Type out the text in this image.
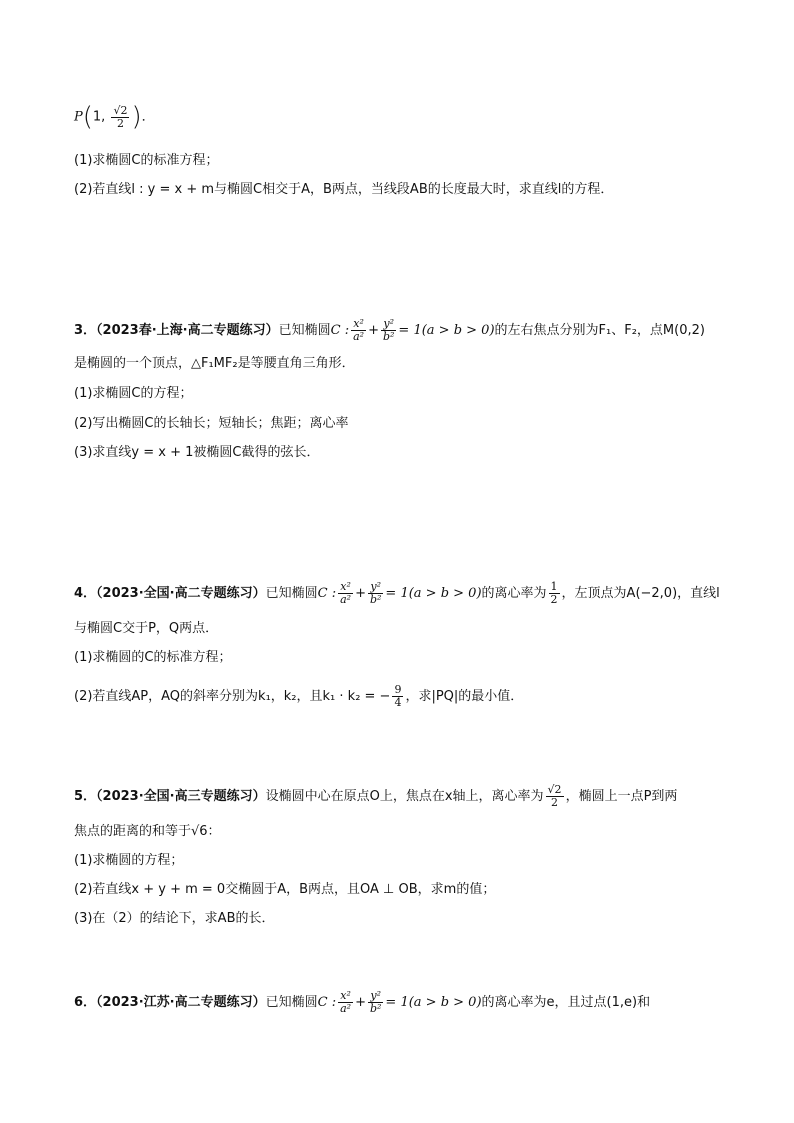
P(1, $\frac{√2}{2}$ )．
(1)求椭圆C的标准方程；
(2)若直线l : y = x + m与椭圆C相交于A，B两点，当线段AB的长度最大时，求直线l的方程．
3．（2023春·上海·高二专题练习）已知椭圆C : $\frac{\text{x²}}{\text{a²}} + \frac{\text{y²}}{\text{b²}} = 1(a > b > 0)$的左右焦点分别为F₁、F₂，点M(0,2)
是椭圆的一个顶点，△F₁MF₂是等腰直角三角形．
(1)求椭圆C的方程；
(2)写出椭圆C的长轴长；短轴长；焦距；离心率
(3)求直线y = x + 1被椭圆C截得的弦长．
4．（2023·全国·高二专题练习）已知椭圆C : $\frac{\text{x²}}{\text{a²}} + \frac{\text{y²}}{\text{b²}} = 1(a > b > 0)$的离心率为 $\frac{1}{2}$ ，左顶点为A(−2,0)，直线l
与椭圆C交于P，Q两点．
(1)求椭圆的C的标准方程；
(2)若直线AP，AQ的斜率分别为k₁，k₂，且k₁ · k₂ = − $\frac{9}{4}$ ，求|PQ|的最小值．
5．（2023·全国·高三专题练习）设椭圆中心在原点O上，焦点在x轴上，离心率为 $\frac{√2}{2}$ ，椭圆上一点P到两
焦点的距离的和等于√6：
(1)求椭圆的方程；
(2)若直线x + y + m = 0交椭圆于A，B两点，且OA ⊥ OB，求m的值；
(3)在（2）的结论下，求AB的长．
6．（2023·江苏·高二专题练习）已知椭圆C : $\frac{\text{x²}}{\text{a²}} + \frac{\text{y²}}{\text{b²}} = 1(a > b > 0)$的离心率为e，且过点(1,e)和
